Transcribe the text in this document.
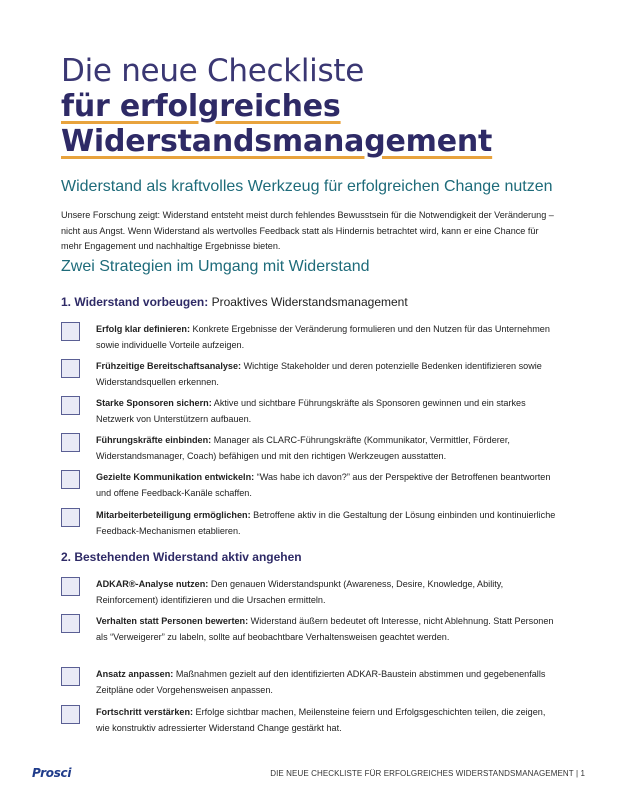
Die neue Checkliste
für erfolgreiches
Widerstandsmanagement
Widerstand als kraftvolles Werkzeug für erfolgreichen Change nutzen
Unsere Forschung zeigt: Widerstand entsteht meist durch fehlendes Bewusstsein für die Notwendigkeit der Veränderung – nicht aus Angst. Wenn Widerstand als wertvolles Feedback statt als Hindernis betrachtet wird, kann er eine Chance für mehr Engagement und nachhaltige Ergebnisse bieten.
Zwei Strategien im Umgang mit Widerstand
1. Widerstand vorbeugen: Proaktives Widerstandsmanagement
Erfolg klar definieren: Konkrete Ergebnisse der Veränderung formulieren und den Nutzen für das Unternehmen sowie individuelle Vorteile aufzeigen.
Frühzeitige Bereitschaftsanalyse: Wichtige Stakeholder und deren potenzielle Bedenken identifizieren sowie Widerstandsquellen erkennen.
Starke Sponsoren sichern: Aktive und sichtbare Führungskräfte als Sponsoren gewinnen und ein starkes Netzwerk von Unterstützern aufbauen.
Führungskräfte einbinden: Manager als CLARC-Führungskräfte (Kommunikator, Vermittler, Förderer, Widerstandsmanager, Coach) befähigen und mit den richtigen Werkzeugen ausstatten.
Gezielte Kommunikation entwickeln: “Was habe ich davon?” aus der Perspektive der Betroffenen beantworten und offene Feedback-Kanäle schaffen.
Mitarbeiterbeteiligung ermöglichen: Betroffene aktiv in die Gestaltung der Lösung einbinden und kontinuierliche Feedback-Mechanismen etablieren.
2. Bestehenden Widerstand aktiv angehen
ADKAR®-Analyse nutzen: Den genauen Widerstandspunkt (Awareness, Desire, Knowledge, Ability, Reinforcement) identifizieren und die Ursachen ermitteln.
Verhalten statt Personen bewerten: Widerstand äußern bedeutet oft Interesse, nicht Ablehnung. Statt Personen als “Verweigerer” zu labeln, sollte auf beobachtbare Verhaltensweisen geachtet werden.
Ansatz anpassen: Maßnahmen gezielt auf den identifizierten ADKAR-Baustein abstimmen und gegebenenfalls Zeitpläne oder Vorgehensweisen anpassen.
Fortschritt verstärken: Erfolge sichtbar machen, Meilensteine feiern und Erfolgsgeschichten teilen, die zeigen, wie konstruktiv adressierter Widerstand Change gestärkt hat.
Prosci	DIE NEUE CHECKLISTE FÜR ERFOLGREICHES WIDERSTANDSMANAGEMENT | 1
